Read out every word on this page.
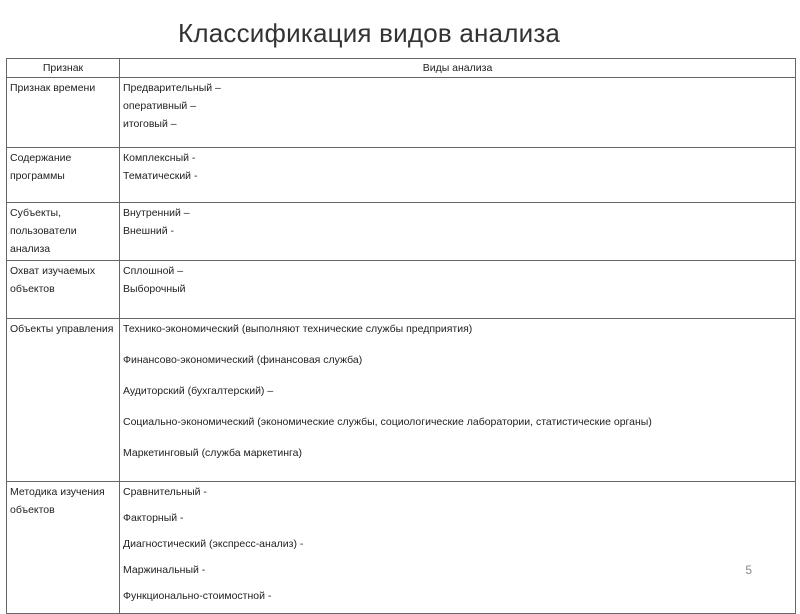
Классификация видов анализа
Признак	Виды анализа
Признак времени	Предварительный –
оперативный –
итоговый –

Содержание программы	Комплексный -
Тематический -

Субъекты, пользователи анализа	Внутренний –
Внешний -

Охват изучаемых объектов	Сплошной –
Выборочный

Объекты управления	Технико-экономический (выполняют технические службы предприятия)
Финансово-экономический (финансовая служба)
Аудиторский (бухгалтерский) –
Социально-экономический (экономические службы, социологические лаборатории, статистические органы)
Маркетинговый (служба маркетинга)

Методика изучения объектов	Сравнительный -
Факторный -
Диагностический (экспресс-анализ) -
Маржинальный -
Функционально-стоимостной -
5
